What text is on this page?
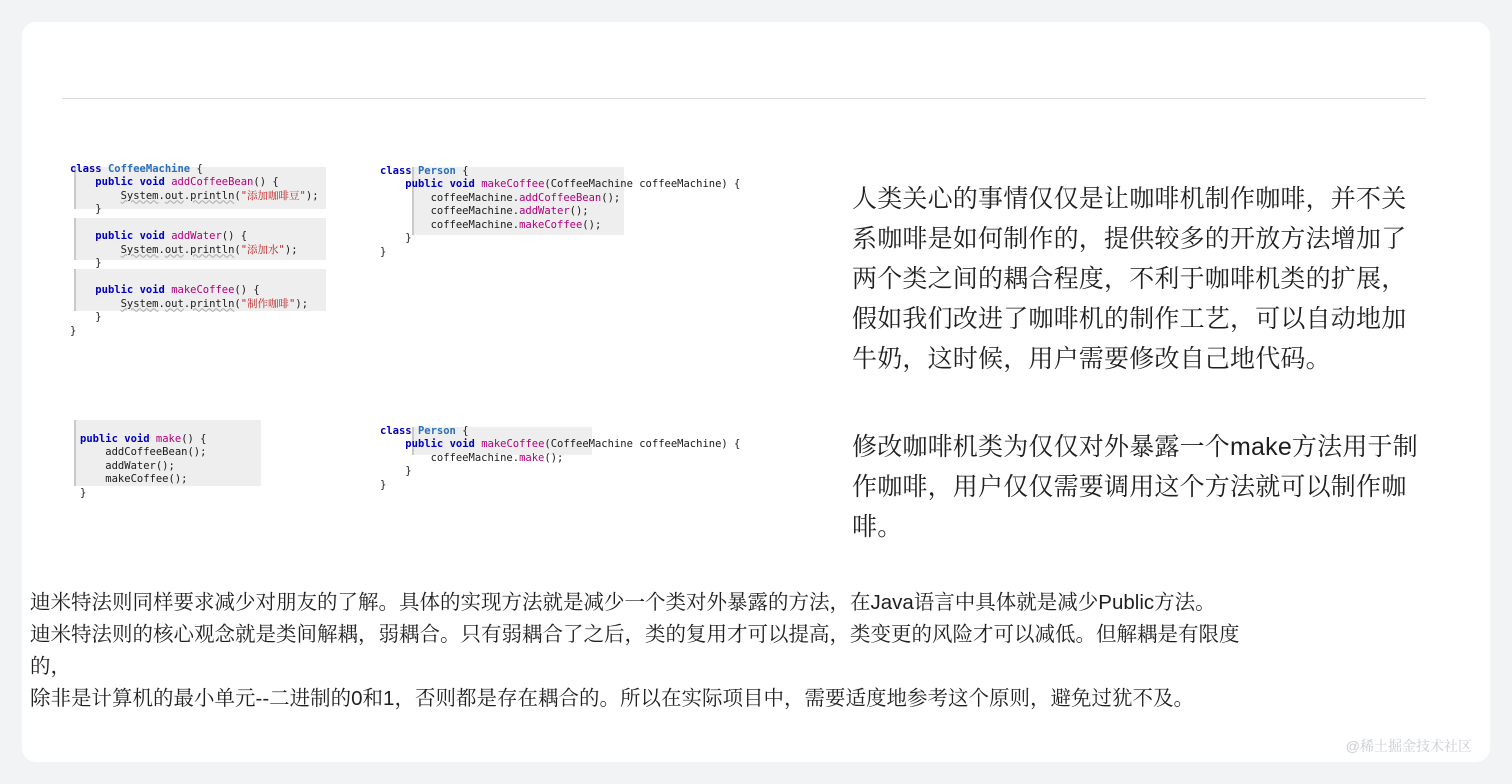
class CoffeeMachine {
public void addCoffeeBean() {
System.out.println("添加咖啡豆");
}

public void addWater() {
System.out.println("添加水");
}

public void makeCoffee() {
System.out.println("制作咖啡");
}
}
class Person {
public void makeCoffee(CoffeeMachine coffeeMachine) {
coffeeMachine.addCoffeeBean();
coffeeMachine.addWater();
coffeeMachine.makeCoffee();
}
}
public void make() {
addCoffeeBean();
addWater();
makeCoffee();
}
class Person {
public void makeCoffee(CoffeeMachine coffeeMachine) {
coffeeMachine.make();
}
}

人类关心的事情仅仅是让咖啡机制作咖啡，并不关系咖啡是如何制作的，提供较多的开放方法增加了两个类之间的耦合程度，不利于咖啡机类的扩展，假如我们改进了咖啡机的制作工艺，可以自动地加牛奶，这时候，用户需要修改自己地代码。

修改咖啡机类为仅仅对外暴露一个make方法用于制作咖啡，用户仅仅需要调用这个方法就可以制作咖啡。

迪米特法则同样要求减少对朋友的了解。具体的实现方法就是减少一个类对外暴露的方法，在Java语言中具体就是减少Public方法。
迪米特法则的核心观念就是类间解耦，弱耦合。只有弱耦合了之后，类的复用才可以提高，类变更的风险才可以减低。但解耦是有限度
的，
除非是计算机的最小单元--二进制的0和1，否则都是存在耦合的。所以在实际项目中，需要适度地参考这个原则，避免过犹不及。
@稀土掘金技术社区
